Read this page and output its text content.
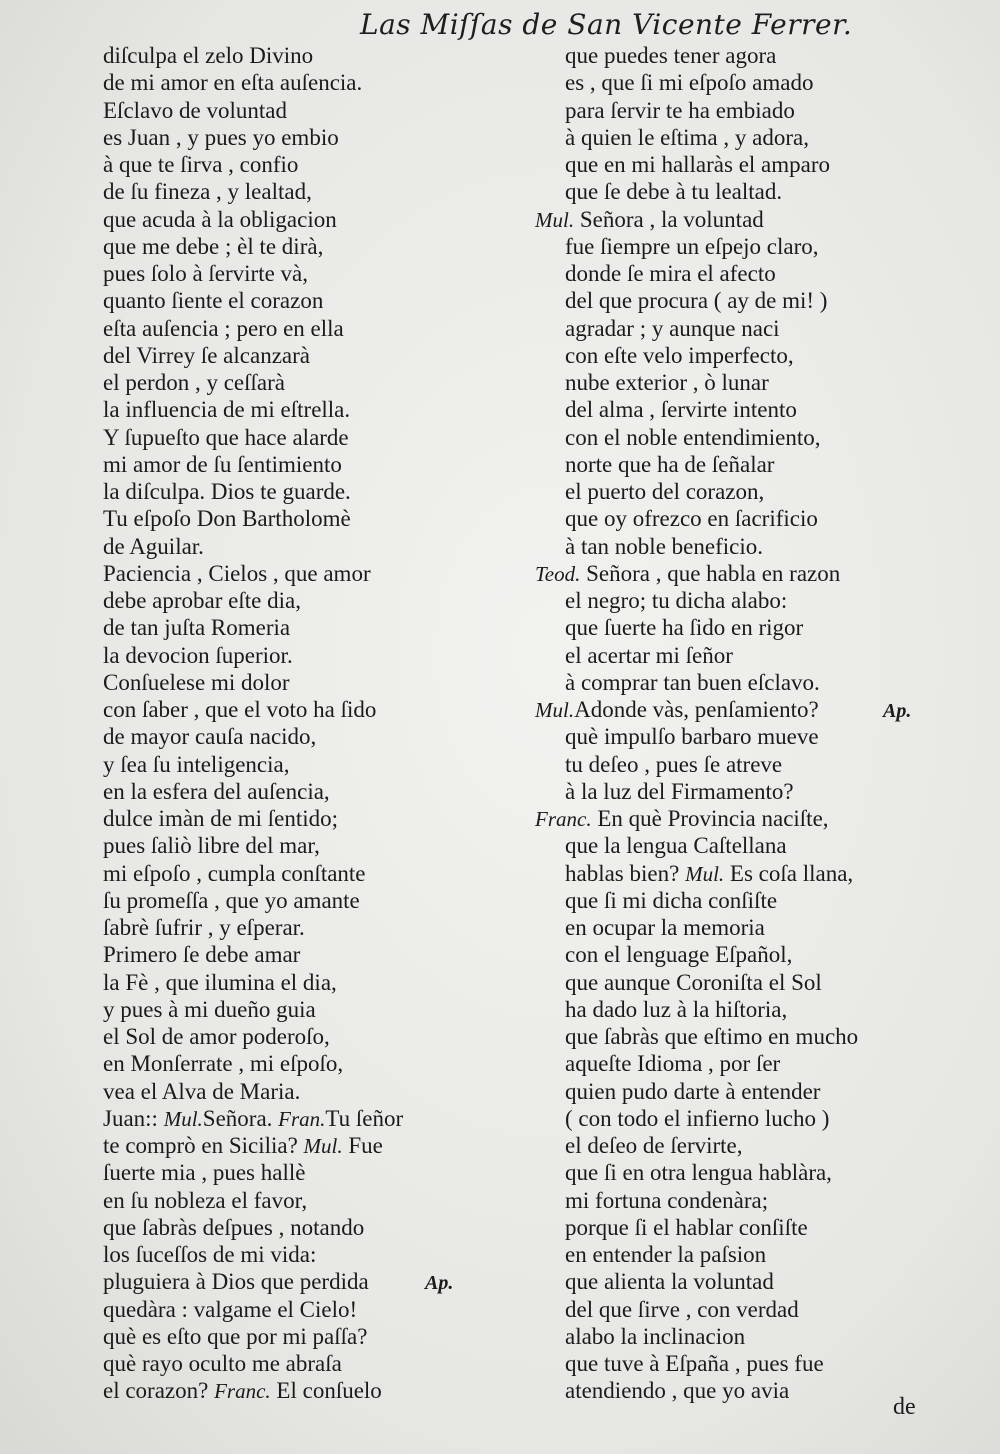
Las Miſſas de San Vicente Ferrer.
diſculpa el zelo Divino
de mi amor en eſta auſencia.
Eſclavo de voluntad
es Juan , y pues yo embio
à que te ſirva , confio
de ſu fineza , y lealtad,
que acuda à la obligacion
que me debe ; èl te dirà,
pues ſolo à ſervirte và,
quanto ſiente el corazon
eſta auſencia ; pero en ella
del Virrey ſe alcanzarà
el perdon , y ceſſarà
la influencia de mi eſtrella.
Y ſupueſto que hace alarde
mi amor de ſu ſentimiento
la diſculpa. Dios te guarde.
Tu eſpoſo Don Bartholomè
de Aguilar.
Paciencia , Cielos , que amor
debe aprobar eſte dia,
de tan juſta Romeria
la devocion ſuperior.
Conſuelese mi dolor
con ſaber , que el voto ha ſido
de mayor cauſa nacido,
y ſea ſu inteligencia,
en la esfera del auſencia,
dulce imàn de mi ſentido;
pues ſaliò libre del mar,
mi eſpoſo , cumpla conſtante
ſu promeſſa , que yo amante
ſabrè ſufrir , y eſperar.
Primero ſe debe amar
la Fè , que ilumina el dia,
y pues à mi dueño guia
el Sol de amor poderoſo,
en Monſerrate , mi eſpoſo,
vea el Alva de Maria.
Juan:: Mul.Señora. Fran.Tu ſeñor
te comprò en Sicilia? Mul. Fue
ſuerte mia , pues hallè
en ſu nobleza el favor,
que ſabràs deſpues , notando
los ſuceſſos de mi vida:
Ap.
pluguiera à Dios que perdida
quedàra : valgame el Cielo!
què es eſto que por mi paſſa?
què rayo oculto me abraſa
el corazon? Franc. El conſuelo
que puedes tener agora
es , que ſi mi eſpoſo amado
para ſervir te ha embiado
à quien le eſtima , y adora,
que en mi hallaràs el amparo
que ſe debe à tu lealtad.
Mul. Señora , la voluntad
fue ſiempre un eſpejo claro,
donde ſe mira el afecto
del que procura ( ay de mi! )
agradar ; y aunque naci
con eſte velo imperfecto,
nube exterior , ò lunar
del alma , ſervirte intento
con el noble entendimiento,
norte que ha de ſeñalar
el puerto del corazon,
que oy ofrezco en ſacrificio
à tan noble beneficio.
Teod. Señora , que habla en razon
el negro; tu dicha alabo:
que ſuerte ha ſido en rigor
el acertar mi ſeñor
à comprar tan buen eſclavo.
Ap.
Mul.Adonde vàs, penſamiento?
què impulſo barbaro mueve
tu deſeo , pues ſe atreve
à la luz del Firmamento?
Franc. En què Provincia naciſte,
que la lengua Caſtellana
hablas bien? Mul. Es coſa llana,
que ſi mi dicha conſiſte
en ocupar la memoria
con el lenguage Eſpañol,
que aunque Coroniſta el Sol
ha dado luz à la hiſtoria,
que ſabràs que eſtimo en mucho
aqueſte Idioma , por ſer
quien pudo darte à entender
( con todo el infierno lucho )
el deſeo de ſervirte,
que ſi en otra lengua hablàra,
mi fortuna condenàra;
porque ſi el hablar conſiſte
en entender la paſsion
que alienta la voluntad
del que ſirve , con verdad
alabo la inclinacion
que tuve à Eſpaña , pues fue
atendiendo , que yo avia
de
